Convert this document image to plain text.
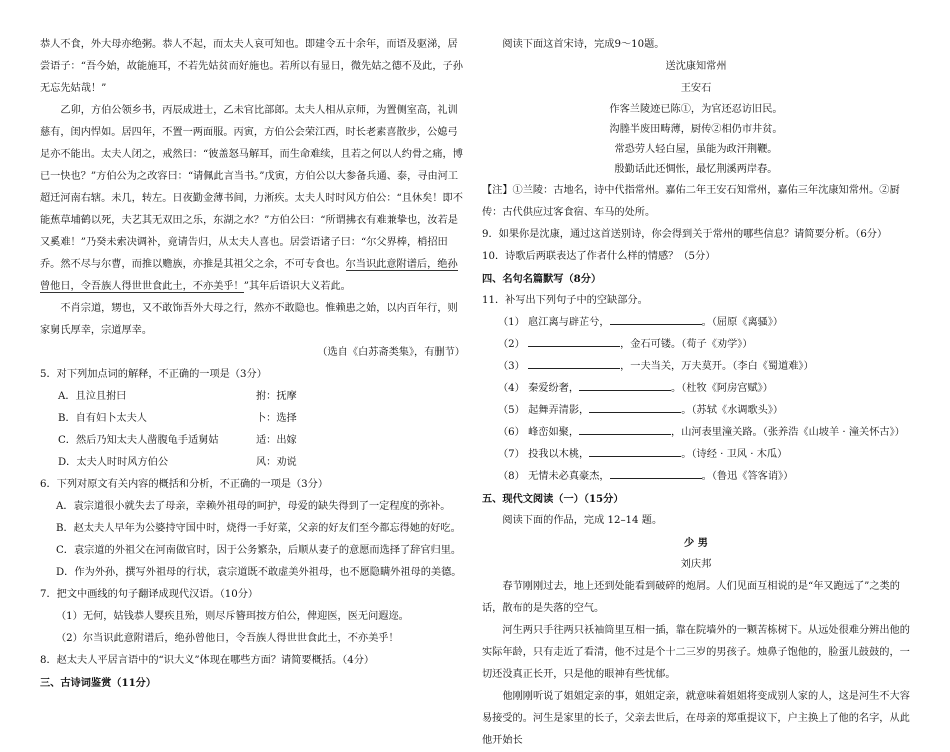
恭人不食，外大母亦绝粥。恭人不起，而太夫人哀可知也。即建令五十余年，而语及驱涕，居尝语子：“吾今始，故能施耳，不若先姑贫而好施也。若所以有显日，微先姑之德不及此，子孙无忘先姑哉！”

乙卯，方伯公领乡书，丙辰成进士，乙未官比部郎。太夫人相从京师，为置侧室高，礼训慈有，闺内悍如。居四年，不置一两面服。丙寅，方伯公会荣江西，时长老素喜散步，公媳弓足亦不能出。太夫人闭之，戒然曰：“彼盖怒马解耳，而生命难续，且若之何以人约骨之痛，博已一快也？”方伯公为之改容曰：“请佩此言当书。”戊寅，方伯公以大参备兵通、泰，寻由河工超迁河南右辖。未几，转左。日夜勤金薄书间，力淅疾。太夫人时时风方伯公：“且休矣！即不能蕉草埔鹤以死，夫艺其无双田之乐，东湖之水？”方伯公曰：“所谓拂衣有难兼挚也，汝若是又奚难！”乃癸未索决调补，竟请告归，从太夫人喜也。居尝语诸子曰：“尔父界棒，梢招田乔。然不尽与尔曹，而推以赡族，亦推是其祖父之余，不可专食也。尔当识此意附谱后，绝孙曾他日，令吾族人得世世食此土，不亦美乎！”其年后语识大义若此。

不肖宗道，甥也，又不敢饰吾外大母之行，然亦不敢隐也。惟赖患之始，以内百年行，则家舅氏厚幸，宗道厚幸。

（选自《白苏斋类集》，有删节）

5．对下列加点词的解释，不正确的一项是（3分）

A．且泣且拊曰	拊：抚摩
B．自有妇卜太夫人	卜：选择
C．然后乃知太夫人凿腹龟手适舅姑	适：出嫁
D．太夫人时时风方伯公	风：劝说

6．下列对原文有关内容的概括和分析，不正确的一项是（3分）

A．袁宗道很小就失去了母亲，幸赖外祖母的呵护，母爱的缺失得到了一定程度的弥补。

B．赵太夫人早年为公婆持守国中时，烧得一手好菜，父亲的好友们至今都忘得她的好吃。

C．袁宗道的外祖父在河南做官时，因于公务繁杂，后顺从妻子的意愿而选择了辞官归里。

D．作为外孙，撰写外祖母的行状，袁宗道既不敢虚美外祖母，也不愿隐瞒外祖母的美德。

7．把文中画线的句子翻译成现代汉语。（10分）

（1）无何，姑钱恭人婴疾且殆，则尽斥簪珥按方伯公，俾迎医，医无问遐迩。

（2）尔当识此意附谱后，绝孙曾他日，令吾族人得世世食此土，不亦美乎！

8．赵太夫人平居言语中的“识大义”体现在哪些方面？请简要概括。（4分）

三、古诗词鉴赏（11分）

阅读下面这首宋诗，完成9～10题。

送沈康知常州

王安石

作客兰陵迹已陈①，为官还忍访旧民。

沟塍半废田畴薄，厨传②相仍市井贫。

常恐劳人轻白屋，虽能为政汗荆鞭。

殷勤话此还惆怅，最忆荆溪两岸春。

【注】①兰陵：古地名，诗中代指常州。嘉佑二年王安石知常州，嘉佑三年沈康知常州。②厨传：古代供应过客食宿、车马的处所。

9．如果你是沈康，通过这首送别诗，你会得到关于常州的哪些信息？请简要分析。（6分）

10．诗歌后两联表达了作者什么样的情感？（5分）

四、名句名篇默写（8分）

11．补写出下列句子中的空缺部分。

（1） 扈江离与辟芷兮，	。（屈原《离骚》）

（2）	，金石可镂。（荀子《劝学》）

（3）	，一夫当关，万夫莫开。（李白《蜀道难》）

（4） 秦爱纷奢，	。（杜牧《阿房宫赋》）

（5） 起舞弄清影，	。（苏轼《水调歌头》）

（6） 峰峦如聚，	，山河表里潼关路。（张养浩《山坡羊 · 潼关怀古》）

（7） 投我以木桃，	。（诗经 · 卫风 · 木瓜）

（8） 无情未必真豪杰，	。（鲁迅《答客诮》）

五、现代文阅读（一）（15分）

阅读下面的作品，完成 12–14 题。

少 男

刘庆邦

春节刚刚过去，地上还到处能看到破碎的炮屑。人们见面互相说的是“年又跑远了”之类的话，散布的是失落的空气。

河生两只手往两只袄袖筒里互相一插，靠在院墙外的一颗苦栋树下。从远处很难分辨出他的实际年龄，只有走近了看清，他不过是个十二三岁的男孩子。烛鼻子饱他的，脸蛋儿鼓鼓的，一切还没真正长开，只是他的眼神有些忧郁。

他刚刚听说了姐姐定亲的事，姐姐定亲，就意味着姐姐将变成别人家的人，这是河生不大容易接受的。河生是家里的长子，父亲去世后，在母亲的郑重提议下，户主换上了他的名字，从此他开始长
